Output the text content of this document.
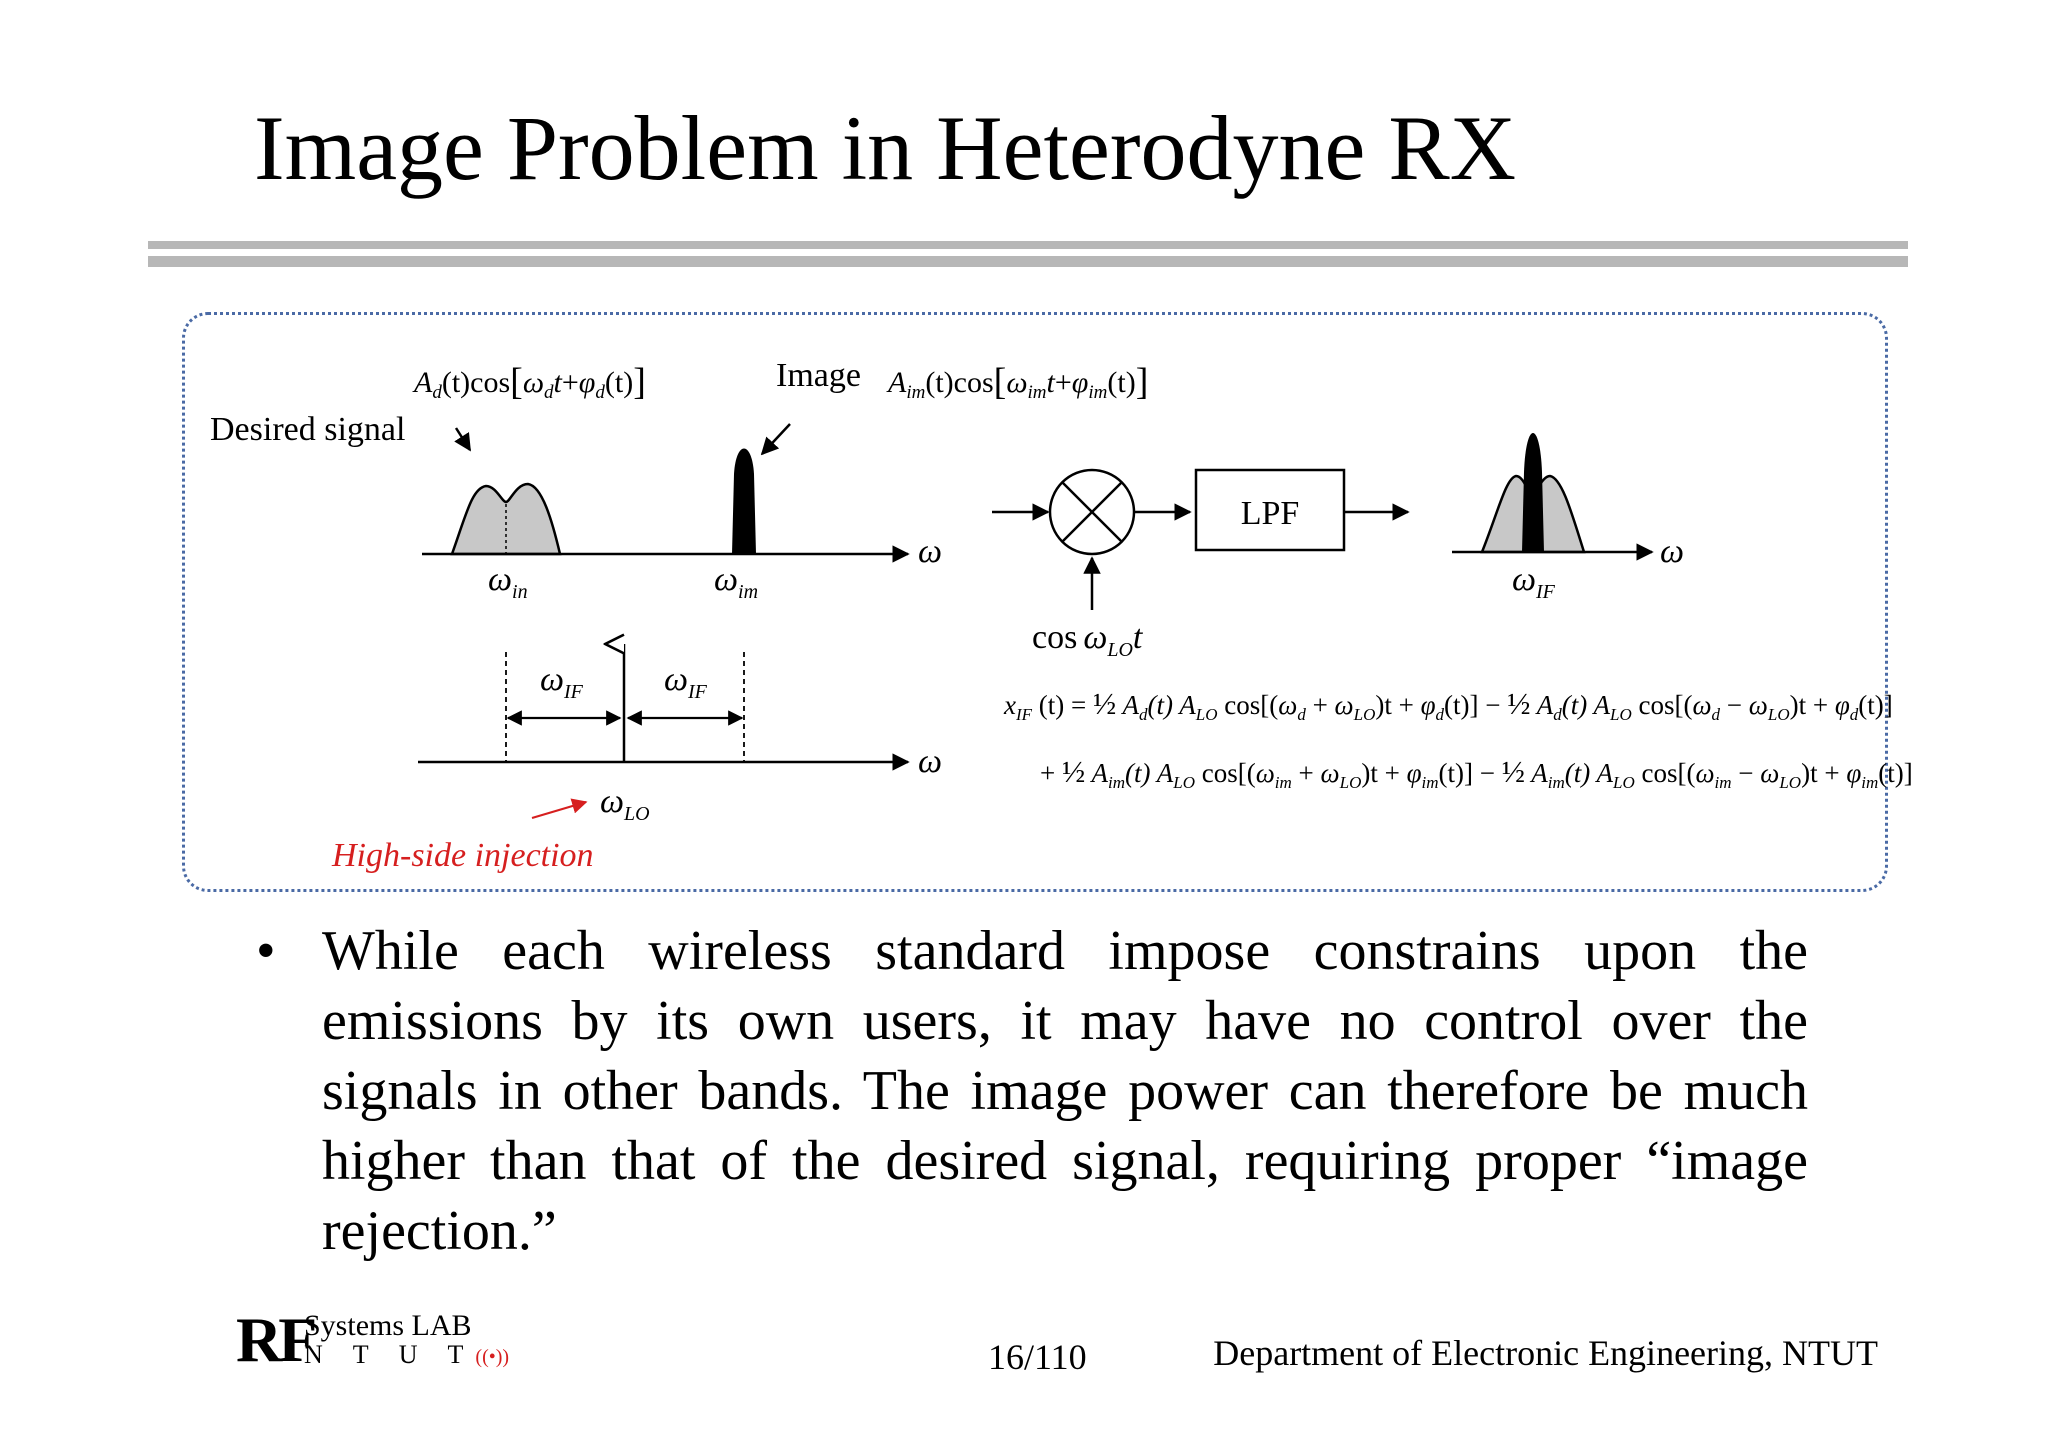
Image Problem in Heterodyne RX
$A_d(t)\cos[\omega_dt+\varphi_d(t)]$	Image $A_{im}(t)\cos[\omega_{im}t+\varphi_{im}(t)]$
Desired signal
ω
$\omega_{in}$	$\omega_{im}$
$\omega_{IF}$ $\omega_{IF}$
ω
$\omega_{LO}$
High-side injection
LPF
$\cos \omega_{LO}t$
ω
$\omega_{IF}$
$x_{IF}$ (t) = ½ $A_d(t)$ $A_{LO}$ $\cos[(\omega_d + \omega_{LO})t + \varphi_d(t)]$ − ½ $A_d(t)$ $A_{LO}$ $\cos[(\omega_d - \omega_{LO})t + \varphi_d(t)]$
+ ½ $A_{im}(t)$ $A_{LO}$ $\cos[(\omega_{im} + \omega_{LO})t + \varphi_{im}(t)]$ − ½ $A_{im}(t)$ $A_{LO}$ $\cos[(\omega_{im} - \omega_{LO})t + \varphi_{im}(t)]$
• While each wireless standard impose constrains upon the emissions by its own users, it may have no control over the signals in other bands. The image power can therefore be much higher than that of the desired signal, requiring proper “image rejection.”
RF
Systems LAB
N T U T((•))	16/110	Department of Electronic Engineering, NTUT
